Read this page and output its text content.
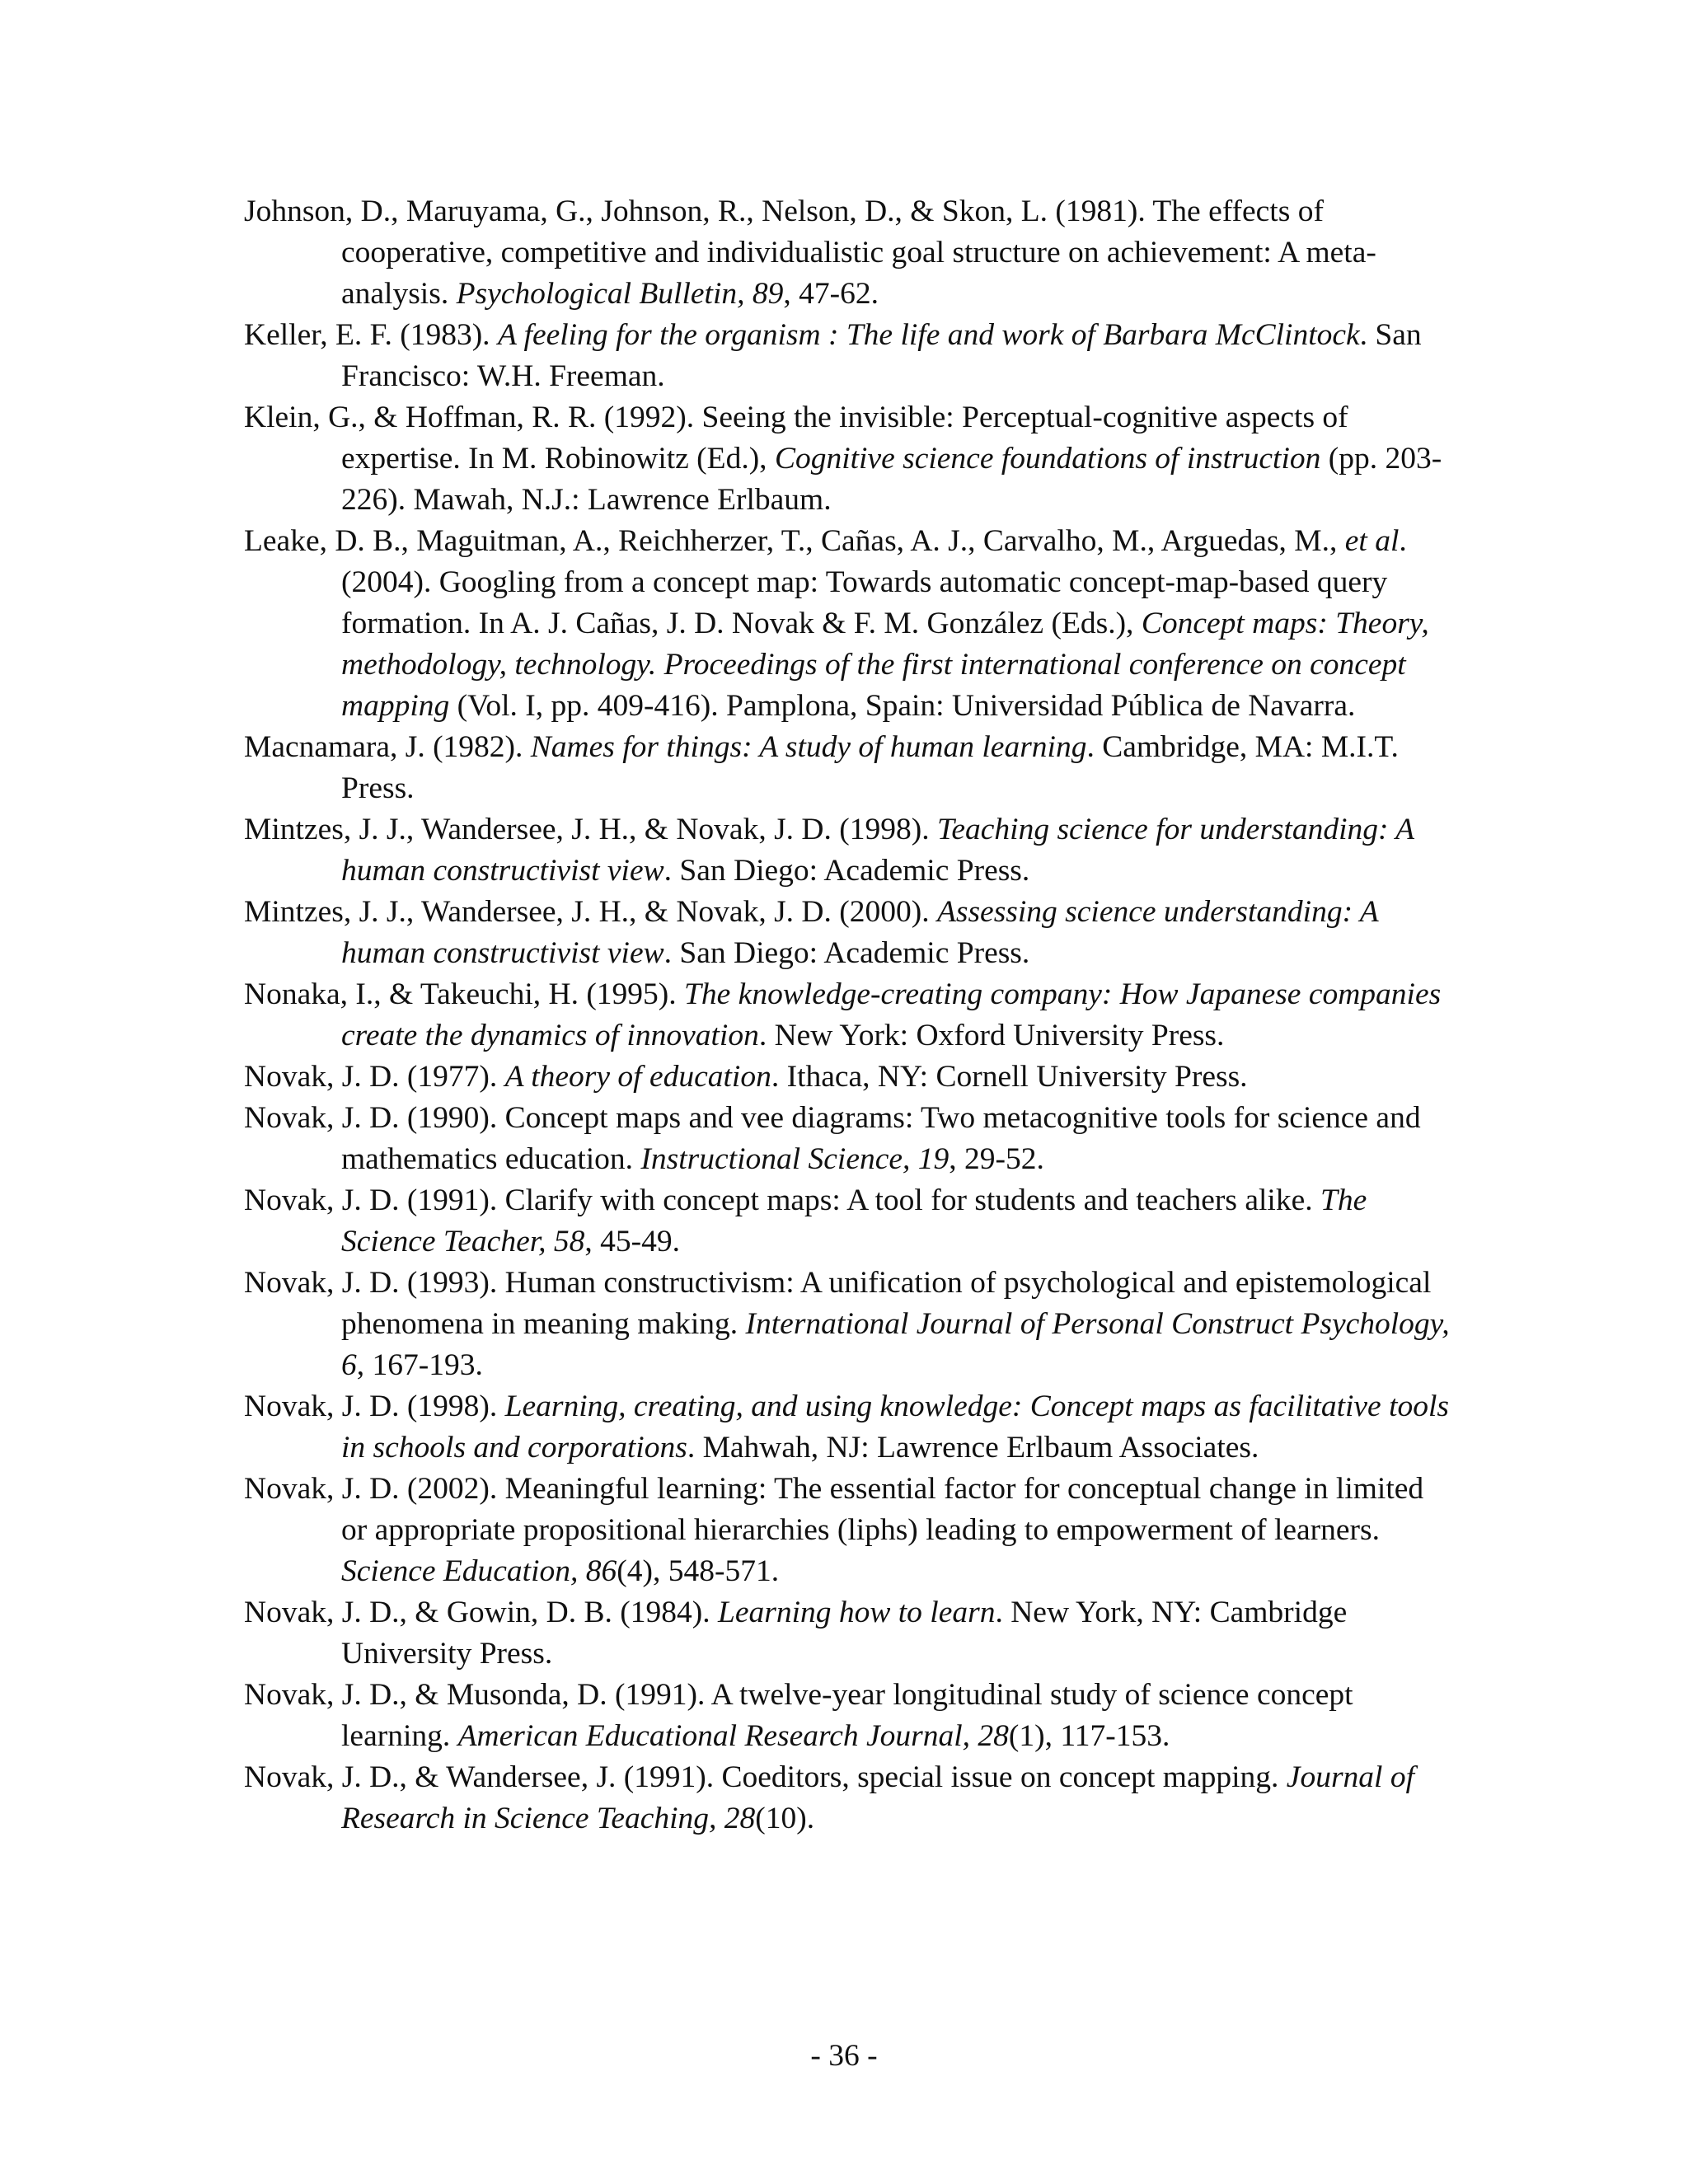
Johnson, D., Maruyama, G., Johnson, R., Nelson, D., & Skon, L. (1981). The effects of cooperative, competitive and individualistic goal structure on achievement: A meta-analysis. Psychological Bulletin, 89, 47-62.
Keller, E. F. (1983). A feeling for the organism : The life and work of Barbara McClintock. San Francisco: W.H. Freeman.
Klein, G., & Hoffman, R. R. (1992). Seeing the invisible: Perceptual-cognitive aspects of expertise. In M. Robinowitz (Ed.), Cognitive science foundations of instruction (pp. 203-226). Mawah, N.J.: Lawrence Erlbaum.
Leake, D. B., Maguitman, A., Reichherzer, T., Cañas, A. J., Carvalho, M., Arguedas, M., et al. (2004). Googling from a concept map: Towards automatic concept-map-based query formation. In A. J. Cañas, J. D. Novak & F. M. González (Eds.), Concept maps: Theory, methodology, technology. Proceedings of the first international conference on concept mapping (Vol. I, pp. 409-416). Pamplona, Spain: Universidad Pública de Navarra.
Macnamara, J. (1982). Names for things: A study of human learning. Cambridge, MA: M.I.T. Press.
Mintzes, J. J., Wandersee, J. H., & Novak, J. D. (1998). Teaching science for understanding: A human constructivist view. San Diego: Academic Press.
Mintzes, J. J., Wandersee, J. H., & Novak, J. D. (2000). Assessing science understanding: A human constructivist view. San Diego: Academic Press.
Nonaka, I., & Takeuchi, H. (1995). The knowledge-creating company: How Japanese companies create the dynamics of innovation. New York: Oxford University Press.
Novak, J. D. (1977). A theory of education. Ithaca, NY: Cornell University Press.
Novak, J. D. (1990). Concept maps and vee diagrams: Two metacognitive tools for science and mathematics education. Instructional Science, 19, 29-52.
Novak, J. D. (1991). Clarify with concept maps: A tool for students and teachers alike. The Science Teacher, 58, 45-49.
Novak, J. D. (1993). Human constructivism: A unification of psychological and epistemological phenomena in meaning making. International Journal of Personal Construct Psychology, 6, 167-193.
Novak, J. D. (1998). Learning, creating, and using knowledge: Concept maps as facilitative tools in schools and corporations. Mahwah, NJ: Lawrence Erlbaum Associates.
Novak, J. D. (2002). Meaningful learning: The essential factor for conceptual change in limited or appropriate propositional hierarchies (liphs) leading to empowerment of learners. Science Education, 86(4), 548-571.
Novak, J. D., & Gowin, D. B. (1984). Learning how to learn. New York, NY: Cambridge University Press.
Novak, J. D., & Musonda, D. (1991). A twelve-year longitudinal study of science concept learning. American Educational Research Journal, 28(1), 117-153.
Novak, J. D., & Wandersee, J. (1991). Coeditors, special issue on concept mapping. Journal of Research in Science Teaching, 28(10).
- 36 -
